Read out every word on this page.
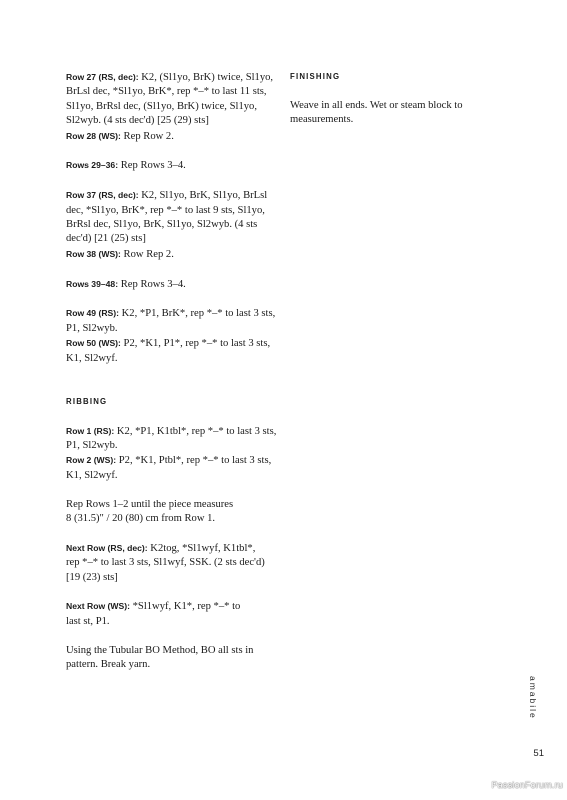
Row 27 (RS, dec): K2, (Sl1yo, BrK) twice, Sl1yo,
BrLsl dec, *Sl1yo, BrK*, rep *–* to last 11 sts,
Sl1yo, BrRsl dec, (Sl1yo, BrK) twice, Sl1yo,
Sl2wyb. (4 sts dec'd) [25 (29) sts]
Row 28 (WS): Rep Row 2.
Rows 29–36: Rep Rows 3–4.
Row 37 (RS, dec): K2, Sl1yo, BrK, Sl1yo, BrLsl
dec, *Sl1yo, BrK*, rep *–* to last 9 sts, Sl1yo,
BrRsl dec, Sl1yo, BrK, Sl1yo, Sl2wyb. (4 sts
dec'd) [21 (25) sts]
Row 38 (WS): Row Rep 2.
Rows 39–48: Rep Rows 3–4.
Row 49 (RS): K2, *P1, BrK*, rep *–* to last 3 sts,
P1, Sl2wyb.
Row 50 (WS): P2, *K1, P1*, rep *–* to last 3 sts,
K1, Sl2wyf.
RIBBING
Row 1 (RS): K2, *P1, K1tbl*, rep *–* to last 3 sts,
P1, Sl2wyb.
Row 2 (WS): P2, *K1, Ptbl*, rep *–* to last 3 sts,
K1, Sl2wyf.
Rep Rows 1–2 until the piece measures
8 (31.5)" / 20 (80) cm from Row 1.
Next Row (RS, dec): K2tog, *Sl1wyf, K1tbl*,
rep *–* to last 3 sts, Sl1wyf, SSK. (2 sts dec'd)
[19 (23) sts]
Next Row (WS): *Sl1wyf, K1*, rep *–* to
last st, P1.
Using the Tubular BO Method, BO all sts in
pattern. Break yarn.
FINISHING
Weave in all ends. Wet or steam block to
measurements.
amabile
51
PassionForum.ru
